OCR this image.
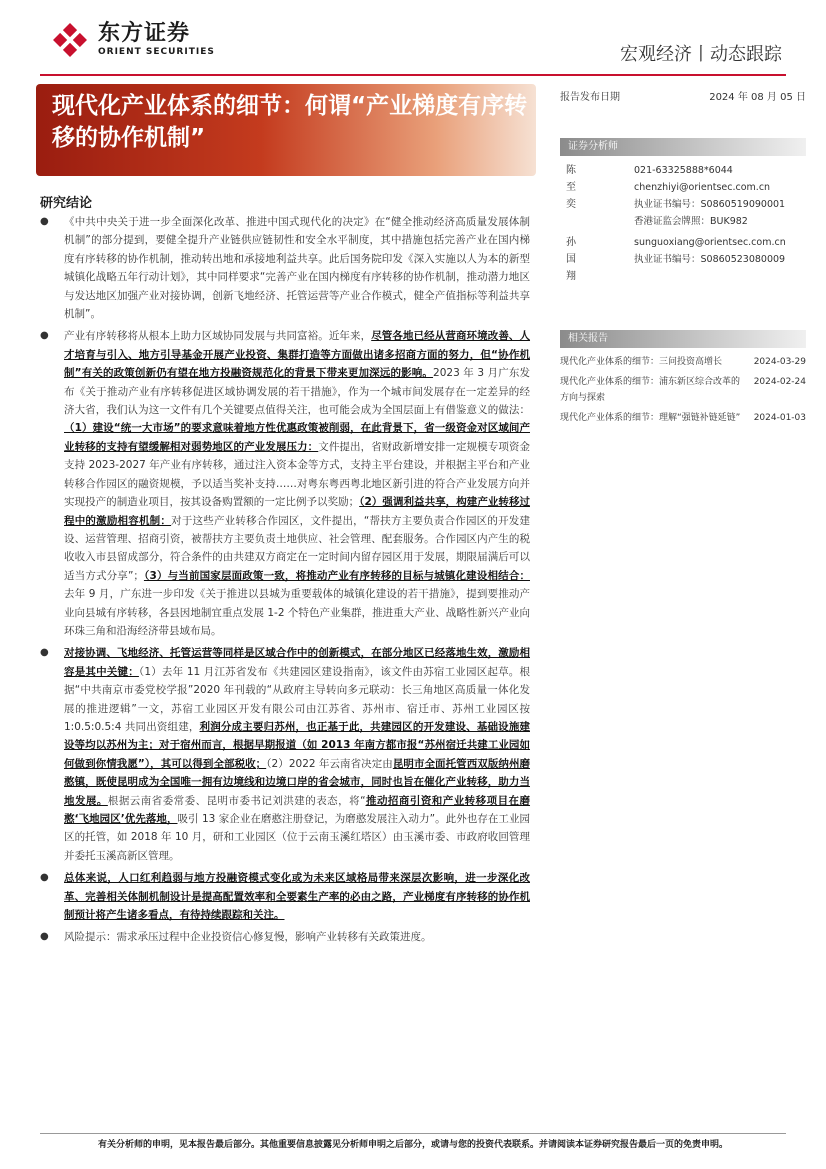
东方证券
ORIENT SECURITIES	宏观经济丨动态跟踪
现代化产业体系的细节：何谓“产业梯度有序转移的协作机制”
报告发布日期	2024 年 08 月 05 日
证券分析师
陈至奕
021-63325888*6044
chenzhiyi@orientsec.com.cn
执业证书编号：S0860519090001
香港证监会牌照：BUK982
孙国翔
sunguoxiang@orientsec.com.cn
执业证书编号：S0860523080009
相关报告
现代化产业体系的细节：三问投资高增长	2024-03-29
现代化产业体系的细节：浦东新区综合改革的方向与探索
2024-02-24
现代化产业体系的细节：理解“强链补链延链” 2024-01-03
研究结论
● 《中共中央关于进一步全面深化改革、推进中国式现代化的决定》在“健全推动经济高质量发展体制机制”的部分提到，要健全提升产业链供应链韧性和安全水平制度，其中措施包括完善产业在国内梯度有序转移的协作机制，推动转出地和承接地利益共享。此后国务院印发《深入实施以人为本的新型城镇化战略五年行动计划》，其中同样要求“完善产业在国内梯度有序转移的协作机制，推动潜力地区与发达地区加强产业对接协调，创新飞地经济、托管运营等产业合作模式，健全产值指标等利益共享机制”。
● 产业有序转移将从根本上助力区域协同发展与共同富裕。近年来，尽管各地已经从营商环境改善、人才培育与引入、地方引导基金开展产业投资、集群打造等方面做出诸多招商方面的努力，但“协作机制”有关的政策创新仍有望在地方投融资规范化的背景下带来更加深远的影响。2023 年 3 月广东发布《关于推动产业有序转移促进区域协调发展的若干措施》，作为一个城市间发展存在一定差异的经济大省，我们认为这一文件有几个关键要点值得关注，也可能会成为全国层面上有借鉴意义的做法：（1）建设“统一大市场”的要求意味着地方性优惠政策被削弱，在此背景下，省一级资金对区域间产业转移的支持有望缓解相对弱势地区的产业发展压力：文件提出，省财政新增安排一定规模专项资金支持 2023-2027 年产业有序转移，通过注入资本金等方式，支持主平台建设，并根据主平台和产业转移合作园区的融资规模，予以适当奖补支持……对粤东粤西粤北地区新引进的符合产业发展方向并实现投产的制造业项目，按其设备购置额的一定比例予以奖励；（2）强调利益共享，构建产业转移过程中的激励相容机制：对于这些产业转移合作园区，文件提出，“帮扶方主要负责合作园区的开发建设、运营管理、招商引资，被帮扶方主要负责土地供应、社会管理、配套服务。合作园区内产生的税收收入市县留成部分，符合条件的由共建双方商定在一定时间内留存园区用于发展，期限届满后可以适当方式分享”；（3）与当前国家层面政策一致，将推动产业有序转移的目标与城镇化建设相结合：去年 9 月，广东进一步印发《关于推进以县城为重要载体的城镇化建设的若干措施》，提到要推动产业向县城有序转移，各县因地制宜重点发展 1-2 个特色产业集群，推进重大产业、战略性新兴产业向环珠三角和沿海经济带县域布局。
● 对接协调、飞地经济、托管运营等同样是区域合作中的创新模式，在部分地区已经落地生效，激励相容是其中关键：（1）去年 11 月江苏省发布《共建园区建设指南》，该文件由苏宿工业园区起草。根据“中共南京市委党校学报”2020 年刊载的“从政府主导转向多元联动：长三角地区高质量一体化发展的推进逻辑”一文，苏宿工业园区开发有限公司由江苏省、苏州市、宿迁市、苏州工业园区按 1:0.5:0.5:4 共同出资组建，利润分成主要归苏州，也正基于此，共建园区的开发建设、基础设施建设等均以苏州为主；对于宿州而言，根据早期报道（如 2013 年南方都市报“苏州宿迁共建工业园如何做到你情我愿”），其可以得到全部税收；（2）2022 年云南省决定由昆明市全面托管西双版纳州磨憨镇，既使昆明成为全国唯一拥有边境线和边境口岸的省会城市，同时也旨在催化产业转移，助力当地发展。根据云南省委常委、昆明市委书记刘洪建的表态，将“推动招商引资和产业转移项目在磨憨‘飞地园区’优先落地，吸引 13 家企业在磨憨注册登记，为磨憨发展注入动力”。此外也存在工业园区的托管，如 2018 年 10 月，研和工业园区（位于云南玉溪红塔区）由玉溪市委、市政府收回管理并委托玉溪高新区管理。
● 总体来说，人口红利趋弱与地方投融资模式变化或为未来区域格局带来深层次影响，进一步深化改革、完善相关体制机制设计是提高配置效率和全要素生产率的必由之路，产业梯度有序转移的协作机制预计将产生诸多看点，有待持续跟踪和关注。
● 风险提示：需求承压过程中企业投资信心修复慢，影响产业转移有关政策进度。
有关分析师的申明，见本报告最后部分。其他重要信息披露见分析师申明之后部分，或请与您的投资代表联系。并请阅读本证券研究报告最后一页的免责申明。
